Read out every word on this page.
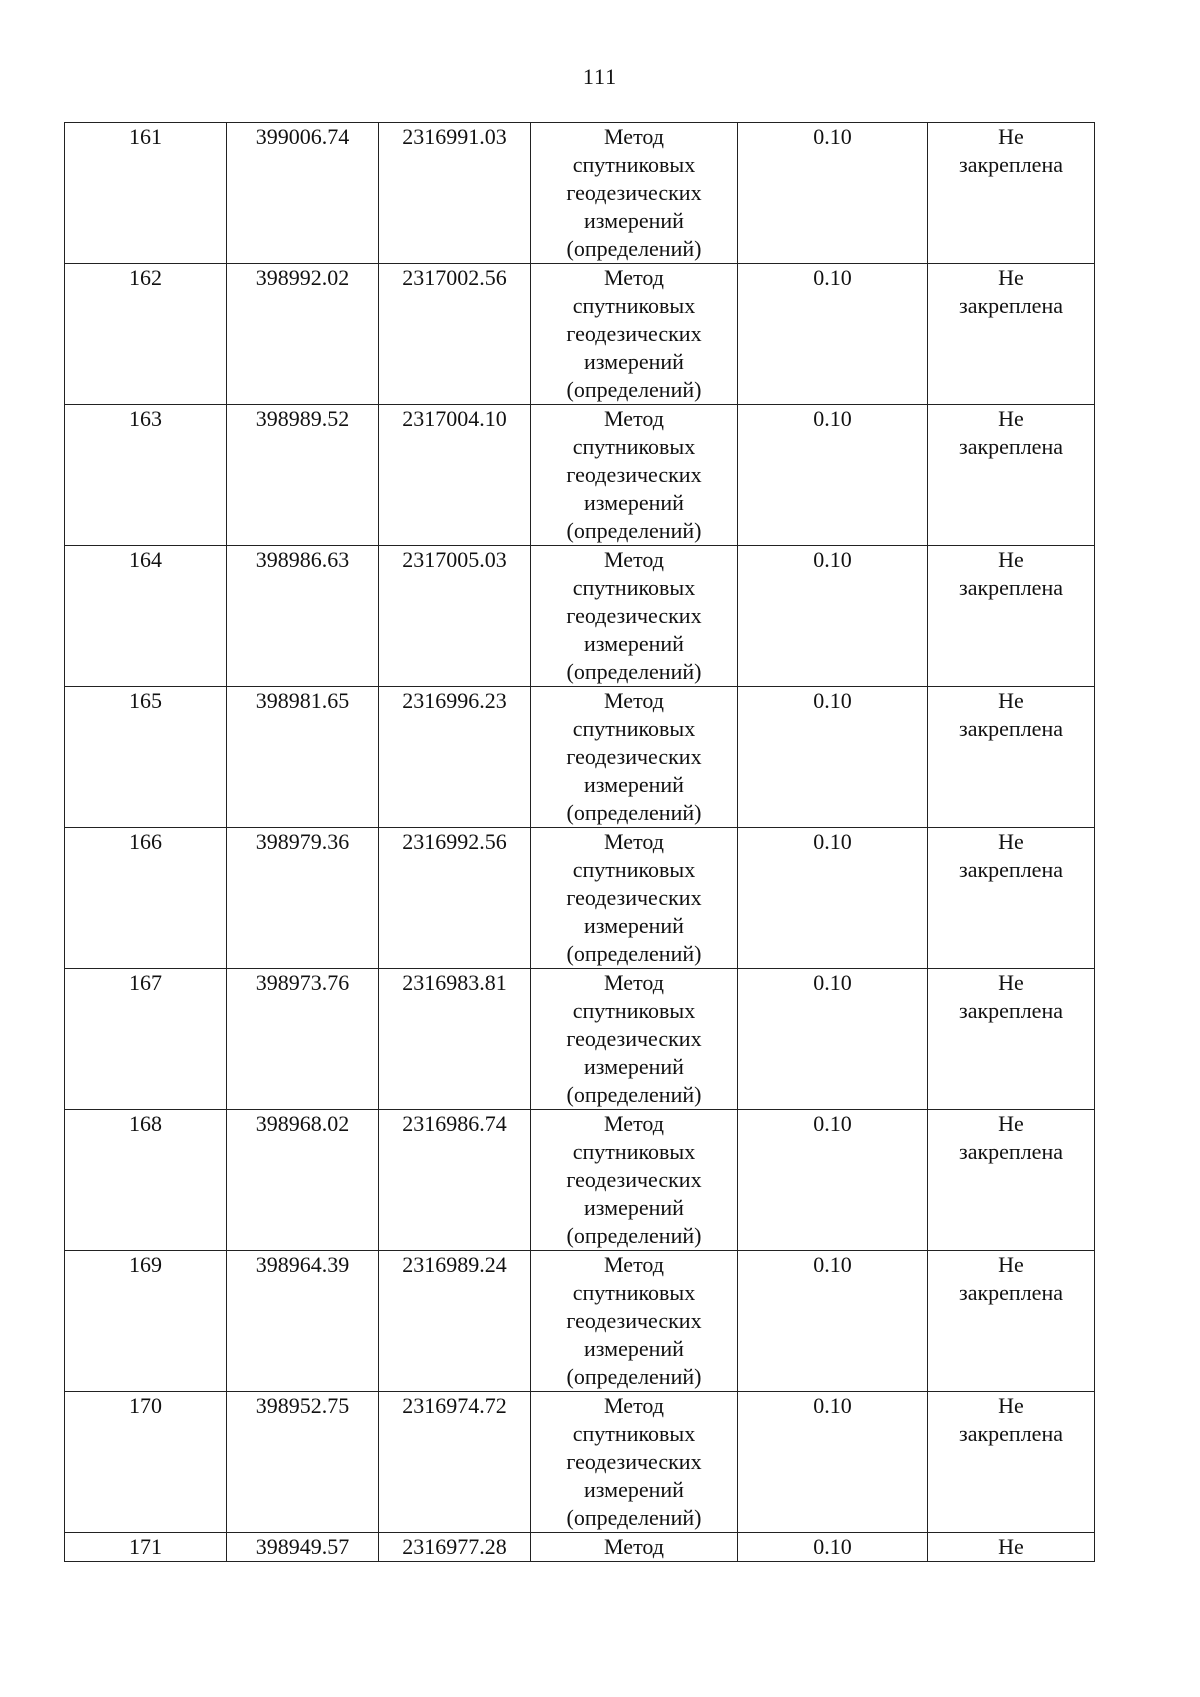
111
161	399006.74	2316991.03	Метод
спутниковых
геодезических
измерений
(определений)	0.10	Не
закреплена

162	398992.02	2317002.56	Метод
спутниковых
геодезических
измерений
(определений)	0.10	Не
закреплена

163	398989.52	2317004.10	Метод
спутниковых
геодезических
измерений
(определений)	0.10	Не
закреплена

164	398986.63	2317005.03	Метод
спутниковых
геодезических
измерений
(определений)	0.10	Не
закреплена

165	398981.65	2316996.23	Метод
спутниковых
геодезических
измерений
(определений)	0.10	Не
закреплена

166	398979.36	2316992.56	Метод
спутниковых
геодезических
измерений
(определений)	0.10	Не
закреплена

167	398973.76	2316983.81	Метод
спутниковых
геодезических
измерений
(определений)	0.10	Не
закреплена

168	398968.02	2316986.74	Метод
спутниковых
геодезических
измерений
(определений)	0.10	Не
закреплена

169	398964.39	2316989.24	Метод
спутниковых
геодезических
измерений
(определений)	0.10	Не
закреплена

170	398952.75	2316974.72	Метод
спутниковых
геодезических
измерений
(определений)	0.10	Не
закреплена

171	398949.57	2316977.28	Метод	0.10	Не
